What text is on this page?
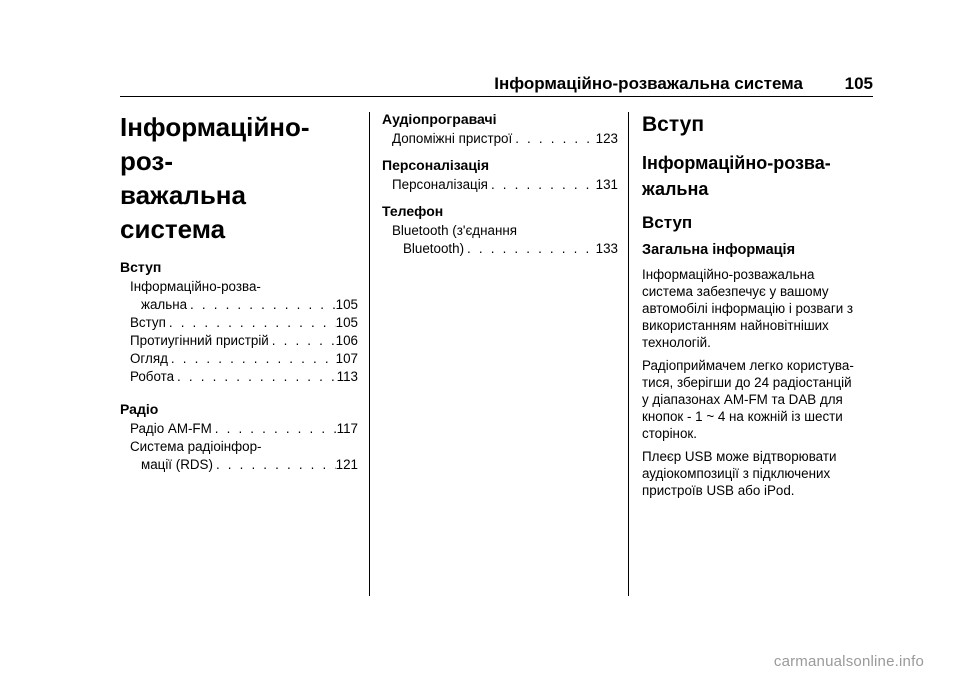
Інформаційно-розважальна система 105
Інформаційно-роз-
важальна система
Вступ
Інформаційно-розва-
жальна . . .	105
Вступ . . .	105
Протиугінний пристрій . . .	106
Огляд . . .	107
Робота . . .	113
Радіо
Радіо AM-FM . . .	117
Система радіоінфор-
мації (RDS) . . .	121
Аудіопрогравачі
Допоміжні пристрої . . .	123
Персоналізація
Персоналізація . . .	131
Телефон
Bluetooth (з'єднання
Bluetooth) . . .	133
Вступ
Інформаційно-розва-
жальна
Вступ
Загальна інформація
Інформаційно-розважальна
система забезпечує у вашому
автомобілі інформацію і розваги з
використанням найновітніших
технологій.
Радіоприймачем легко користува-
тися, зберігши до 24 радіостанцій
у діапазонах AM-FM та DAB для
кнопок - 1 ~ 4 на кожній із шести
сторінок.
Плеєр USB може відтворювати
аудіокомпозиції з підключених
пристроїв USB або iPod.
carmanualsonline.info
